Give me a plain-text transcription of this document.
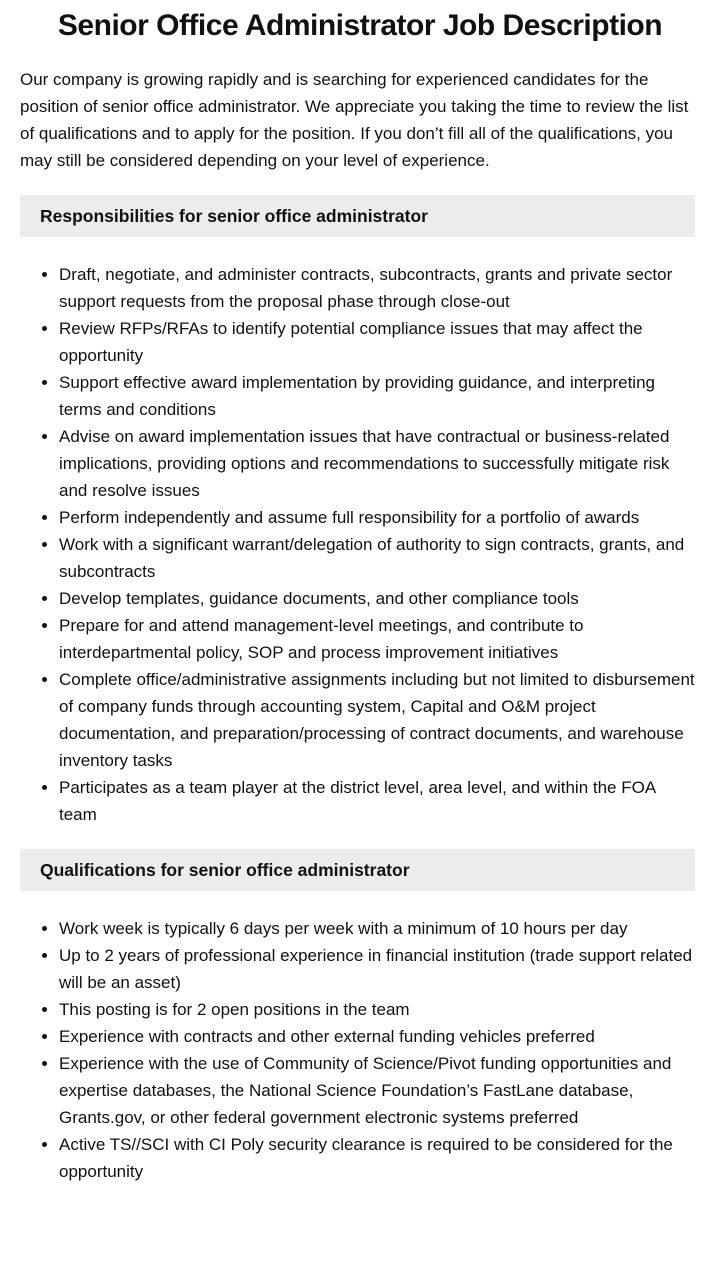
Senior Office Administrator Job Description

Our company is growing rapidly and is searching for experienced candidates for the position of senior office administrator. We appreciate you taking the time to review the list of qualifications and to apply for the position. If you don’t fill all of the qualifications, you may still be considered depending on your level of experience.

Responsibilities for senior office administrator
• Draft, negotiate, and administer contracts, subcontracts, grants and private sector support requests from the proposal phase through close-out
• Review RFPs/RFAs to identify potential compliance issues that may affect the opportunity
• Support effective award implementation by providing guidance, and interpreting terms and conditions
• Advise on award implementation issues that have contractual or business-related implications, providing options and recommendations to successfully mitigate risk and resolve issues
• Perform independently and assume full responsibility for a portfolio of awards
• Work with a significant warrant/delegation of authority to sign contracts, grants, and subcontracts
• Develop templates, guidance documents, and other compliance tools
• Prepare for and attend management-level meetings, and contribute to interdepartmental policy, SOP and process improvement initiatives
• Complete office/administrative assignments including but not limited to disbursement of company funds through accounting system, Capital and O&M project documentation, and preparation/processing of contract documents, and warehouse inventory tasks
• Participates as a team player at the district level, area level, and within the FOA team
Qualifications for senior office administrator
• Work week is typically 6 days per week with a minimum of 10 hours per day
• Up to 2 years of professional experience in financial institution (trade support related will be an asset)
• This posting is for 2 open positions in the team
• Experience with contracts and other external funding vehicles preferred
• Experience with the use of Community of Science/Pivot funding opportunities and expertise databases, the National Science Foundation’s FastLane database, Grants.gov, or other federal government electronic systems preferred
• Active TS//SCI with CI Poly security clearance is required to be considered for the opportunity
